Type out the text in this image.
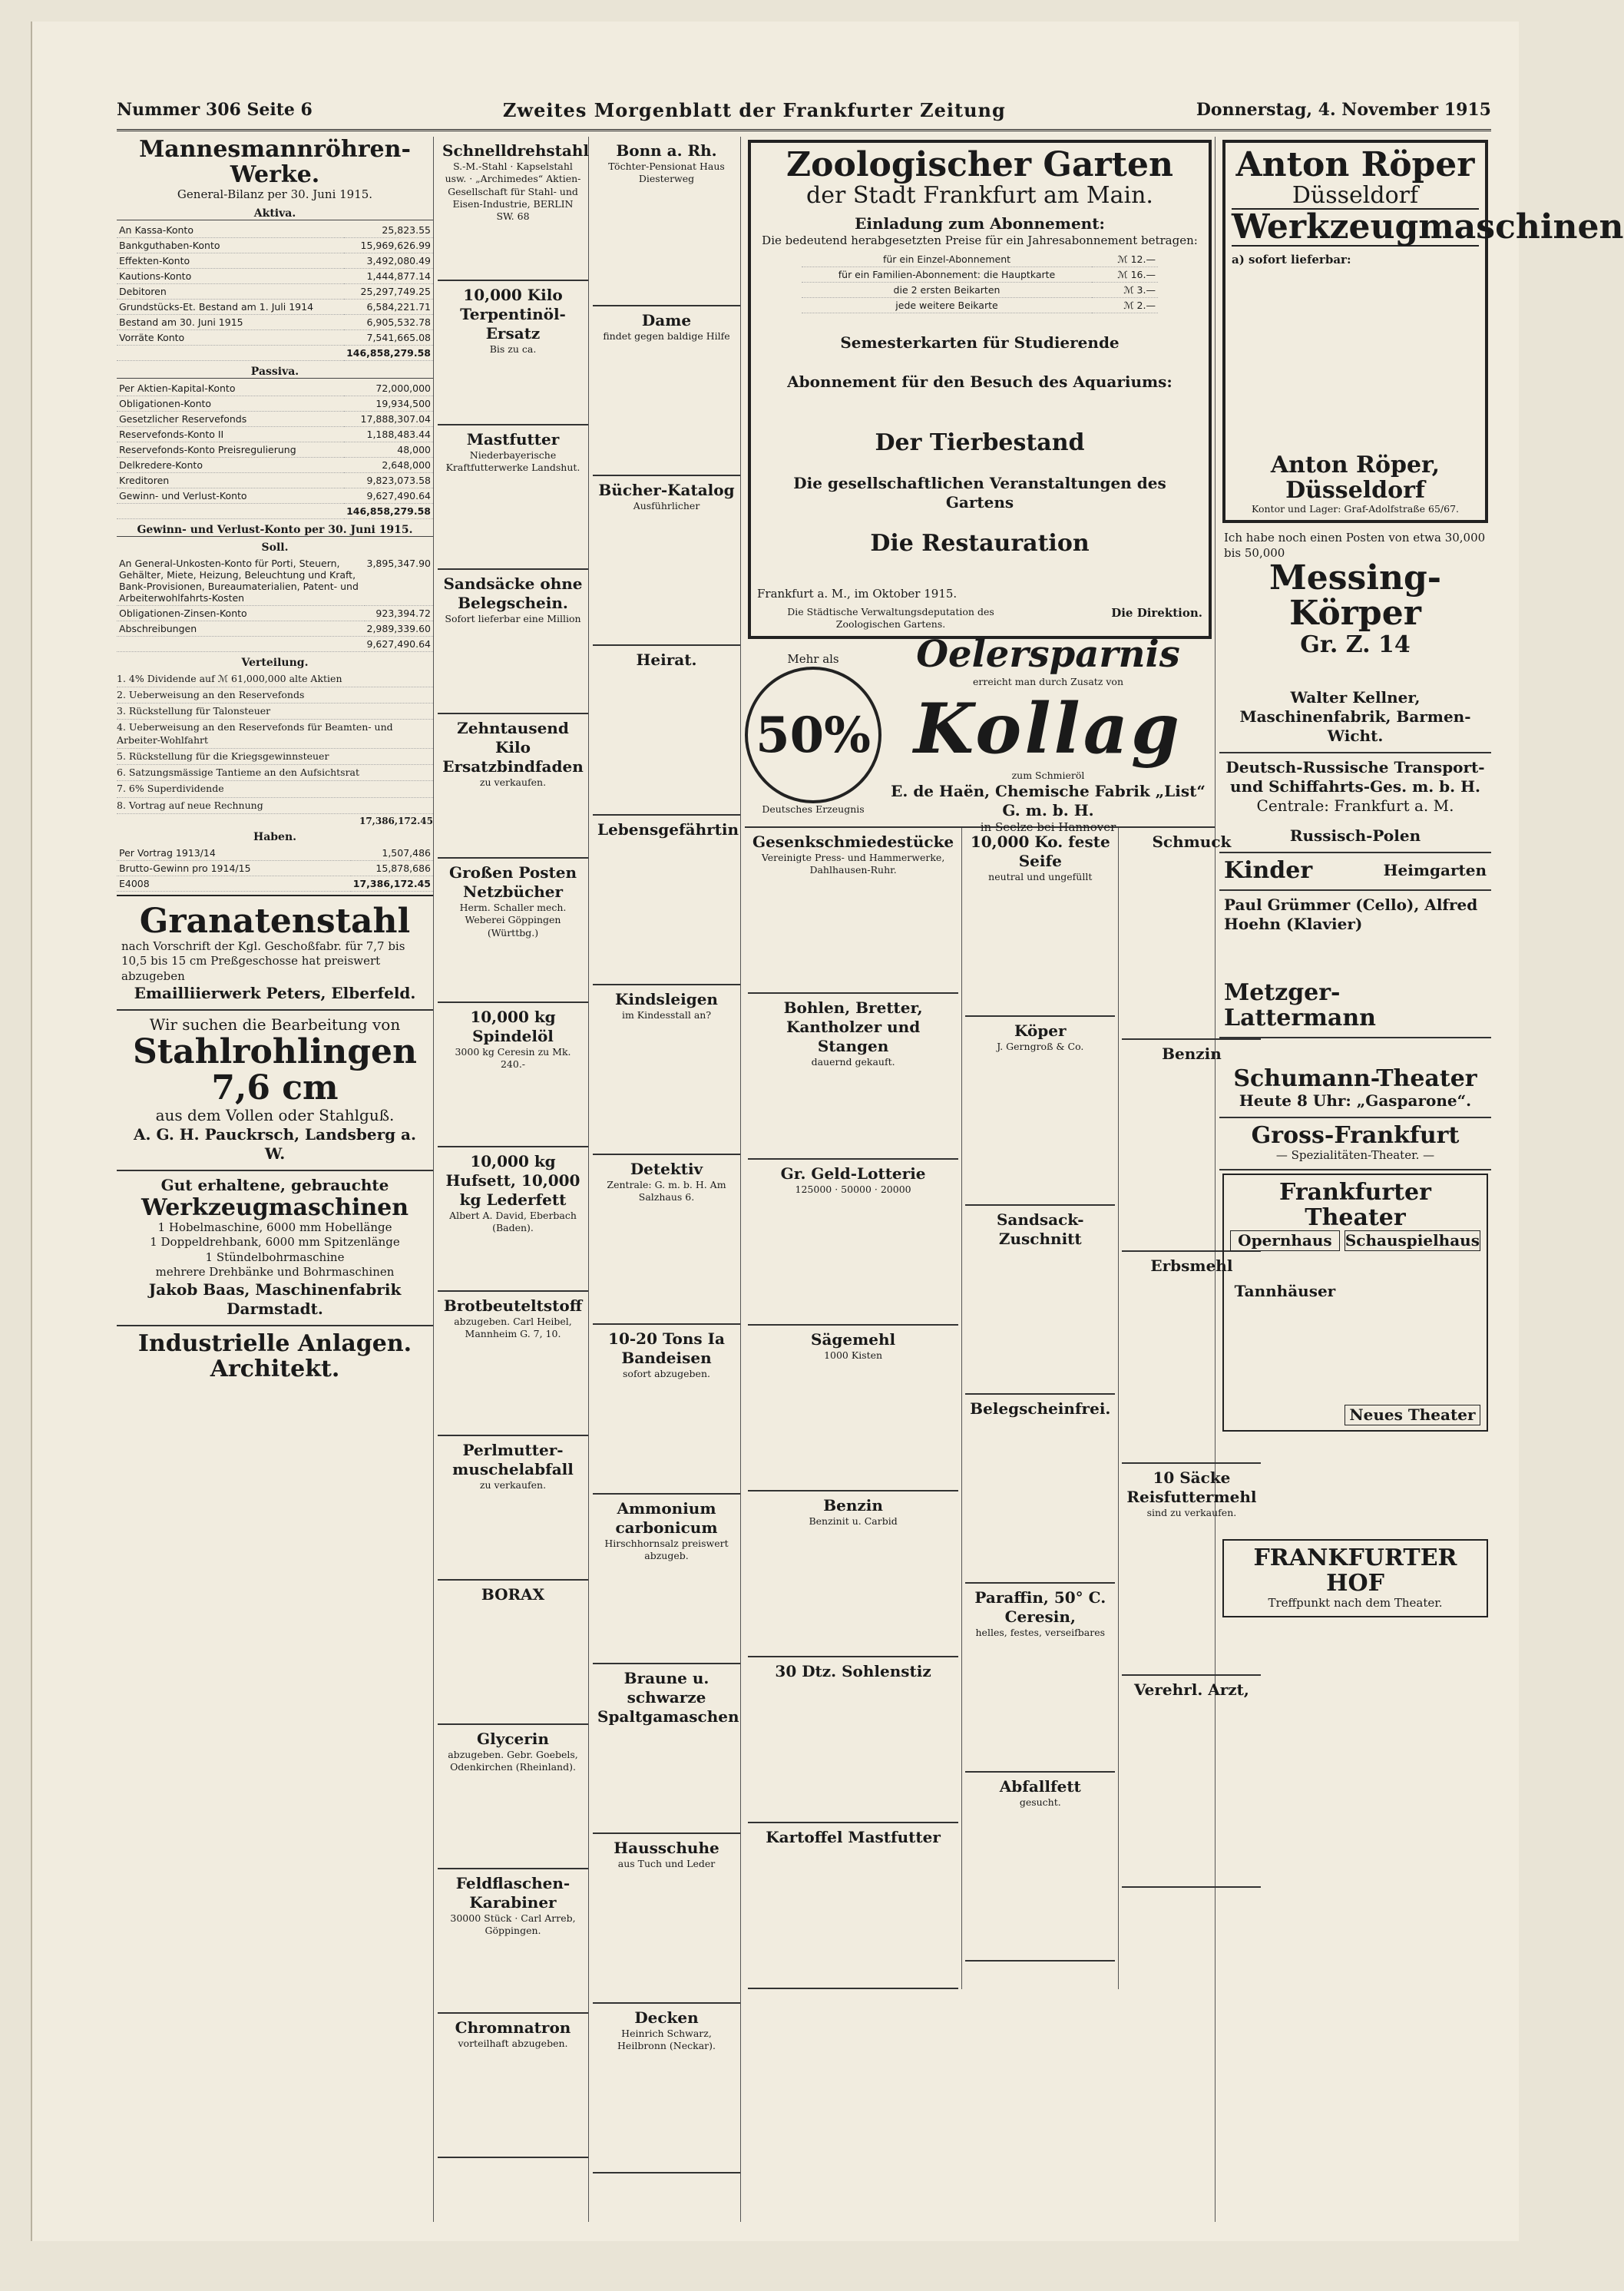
Nummer 306 Seite 6	Zweites Morgenblatt der Frankfurter Zeitung	Donnerstag, 4. November 1915
Mannesmannröhren-Werke.
General-Bilanz per 30. Juni 1915.
Aktiva.
An Kassa-Konto	25,823.55
Bankguthaben-Konto	15,969,626.99
Effekten-Konto	3,492,080.49
Kautions-Konto	1,444,877.14
Debitoren	25,297,749.25
Grundstücks-Et. Bestand am 1. Juli 1914	6,584,221.71
Bestand am 30. Juni 1915	6,905,532.78
Vorräte Konto	7,541,665.08
	146,858,279.58
Passiva.
Per Aktien-Kapital-Konto	72,000,000
Obligationen-Konto	19,934,500
Gesetzlicher Reservefonds	17,888,307.04
Reservefonds-Konto II	1,188,483.44
Reservefonds-Konto Preisregulierung	48,000
Delkredere-Konto	2,648,000
Kreditoren	9,823,073.58
Gewinn- und Verlust-Konto	9,627,490.64
	146,858,279.58
Gewinn- und Verlust-Konto per 30. Juni 1915.
Soll.
An General-Unkosten-Konto für Porti, Steuern, Gehälter, Miete, Heizung, Beleuchtung und Kraft, Bank-Provisionen, Bureaumaterialien, Patent- und Arbeiterwohlfahrts-Kosten	3,895,347.90
Obligationen-Zinsen-Konto	923,394.72
Abschreibungen	2,989,339.60
	9,627,490.64
Verteilung.
1. 4% Dividende auf ℳ 61,000,000 alte Aktien
2. Ueberweisung an den Reservefonds
3. Rückstellung für Talonsteuer
4. Ueberweisung an den Reservefonds für Beamten- und Arbeiter-Wohlfahrt
5. Rückstellung für die Kriegsgewinnsteuer
6. Satzungsmässige Tantieme an den Aufsichtsrat
7. 6% Superdividende
8. Vortrag auf neue Rechnung
17,386,172.45
Haben.
Per Vortrag 1913/14	1,507,486
Brutto-Gewinn pro 1914/15	15,878,686
E4008	17,386,172.45
Granatenstahl
nach Vorschrift der Kgl. Geschoßfabr. für 7,7 bis 10,5 bis 15 cm Preßgeschosse hat preiswert abzugeben
Emailliierwerk Peters, Elberfeld.
Wir suchen die Bearbeitung von
Stahlrohlingen 7,6 cm
aus dem Vollen oder Stahlguß.
A. G. H. Pauckrsch, Landsberg a. W.
Gut erhaltene, gebrauchte
Werkzeugmaschinen
1 Hobelmaschine, 6000 mm Hobellänge
1 Doppeldrehbank, 6000 mm Spitzenlänge
1 Stündelbohrmaschine
mehrere Drehbänke und Bohrmaschinen
Jakob Baas, Maschinenfabrik Darmstadt.
Industrielle Anlagen.
Architekt.
Schnelldrehstahl
S.-M.-Stahl · Kapselstahl usw. · „Archimedes“ Aktien-Gesellschaft für Stahl- und Eisen-Industrie, BERLIN SW. 68
10,000 Kilo Terpentinöl-Ersatz
Bis zu ca.
Mastfutter
Niederbayerische Kraftfutterwerke Landshut.
Sandsäcke ohne Belegschein.
Sofort lieferbar eine Million
Zehntausend Kilo Ersatzbindfaden
zu verkaufen.
Großen Posten Netzbücher
Herm. Schaller mech. Weberei Göppingen (Württbg.)
10,000 kg Spindelöl
3000 kg Ceresin zu Mk. 240.-
10,000 kg Hufsett, 10,000 kg Lederfett
Albert A. David, Eberbach (Baden).
Brotbeuteltstoff
abzugeben. Carl Heibel, Mannheim G. 7, 10.
Perlmutter-muschelabfall
zu verkaufen.
BORAX
Glycerin
abzugeben. Gebr. Goebels, Odenkirchen (Rheinland).
Feldflaschen-Karabiner
30000 Stück · Carl Arreb, Göppingen.
Chromnatron
vorteilhaft abzugeben.
Bonn a. Rh.
Töchter-Pensionat Haus Diesterweg
Dame
findet gegen baldige Hilfe
Bücher-Katalog
Ausführlicher
Heirat.
Lebensgefährtin
Kindsleigen
im Kindesstall an?
Detektiv
Zentrale: G. m. b. H. Am Salzhaus 6.
10-20 Tons Ia Bandeisen
sofort abzugeben.
Ammonium carbonicum
Hirschhornsalz preiswert abzugeb.
Braune u. schwarze Spaltgamaschen
Hausschuhe
aus Tuch und Leder
Decken
Heinrich Schwarz, Heilbronn (Neckar).
Zoologischer Garten
der Stadt Frankfurt am Main.
Einladung zum Abonnement:
Die bedeutend herabgesetzten Preise für ein Jahresabonnement betragen:
für ein Einzel-Abonnement	ℳ 12.—
für ein Familien-Abonnement: die Hauptkarte	ℳ 16.—
die 2 ersten Beikarten	ℳ 3.—
jede weitere Beikarte	ℳ 2.—
Semesterkarten für Studierende
Abonnement für den Besuch des Aquariums:
Der Tierbestand
Die gesellschaftlichen Veranstaltungen des Gartens
Die Restauration
Frankfurt a. M., im Oktober 1915.
Die Städtische Verwaltungsdeputation des Zoologischen Gartens.
Die Direktion.
Mehr als
50%
Deutsches Erzeugnis
Oelersparnis
erreicht man durch Zusatz von
Kollag
zum Schmieröl
E. de Haën, Chemische Fabrik „List“ G. m. b. H.
in Seelze bei Hannover
Gesenkschmiedestücke
Vereinigte Press- und Hammerwerke, Dahlhausen-Ruhr.
Bohlen, Bretter, Kantholzer und Stangen
dauernd gekauft.
Gr. Geld-Lotterie
125000 · 50000 · 20000
Sägemehl
1000 Kisten
Benzin
Benzinit u. Carbid
30 Dtz. Sohlenstiz
Kartoffel Mastfutter
10,000 Ko. feste Seife
neutral und ungefüllt
Köper
J. Gerngroß & Co.
Sandsack-Zuschnitt
Belegscheinfrei.
Paraffin, 50° C. Ceresin,
helles, festes, verseifbares
Abfallfett
gesucht.
Schmuck
Benzin
Erbsmehl
10 Säcke Reisfuttermehl
sind zu verkaufen.
Verehrl. Arzt,
Anton Röper
Düsseldorf
Werkzeugmaschinen
a) sofort lieferbar:
Anton Röper, Düsseldorf
Kontor und Lager: Graf-Adolfstraße 65/67.
Ich habe noch einen Posten von etwa 30,000 bis 50,000
Messing-Körper
Gr. Z. 14
Walter Kellner, Maschinenfabrik, Barmen-Wicht.
Deutsch-Russische Transport- und Schiffahrts-Ges. m. b. H.
Centrale: Frankfurt a. M.
Russisch-Polen
Kinder	Heimgarten
Paul Grümmer (Cello), Alfred Hoehn (Klavier)
Metzger-Lattermann
Schumann-Theater
Heute 8 Uhr: „Gasparone“.
Gross-Frankfurt
— Spezialitäten-Theater. —
Frankfurter Theater
Opernhaus
Tannhäuser
Schauspielhaus
Neues Theater
FRANKFURTER HOF
Treffpunkt nach dem Theater.
